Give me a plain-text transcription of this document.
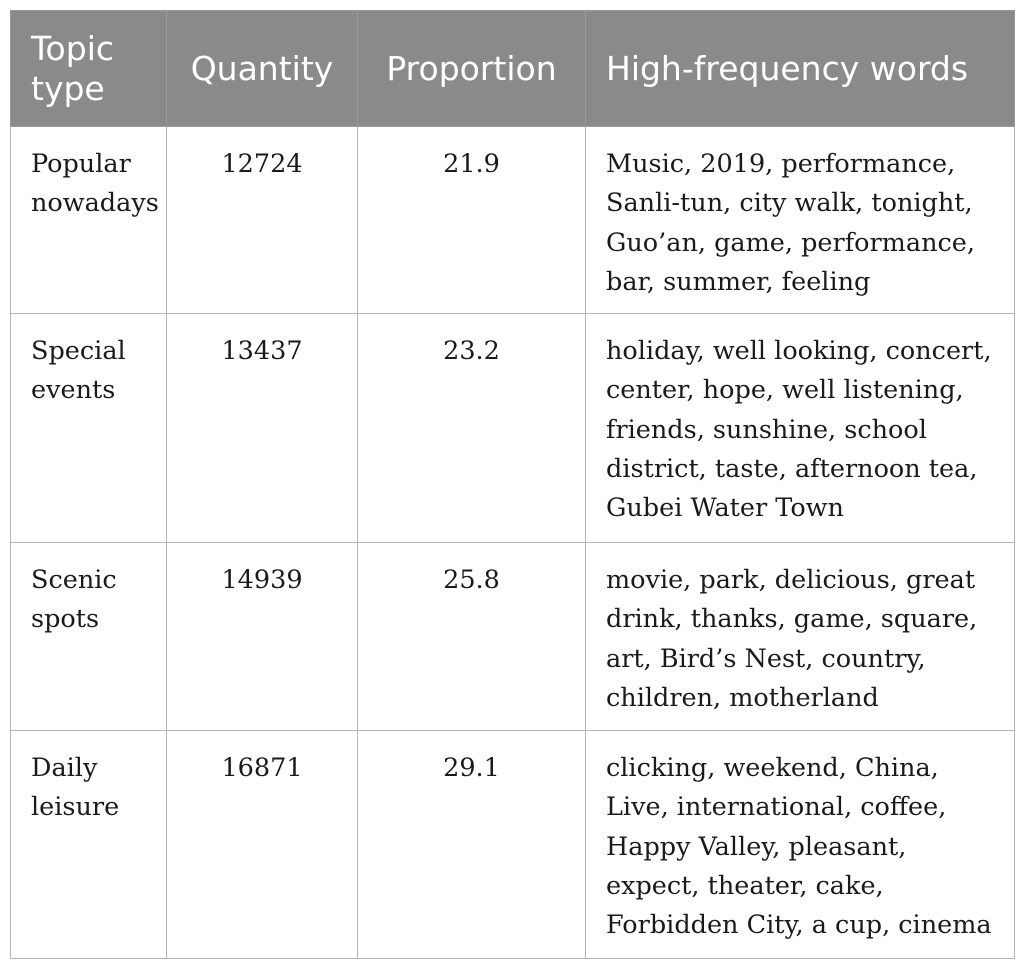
Topic type	Quantity	Proportion	High-frequency words
Popular nowadays	12724	21.9	Music, 2019, performance, Sanli-tun, city walk, tonight, Guo’an, game, performance, bar, summer, feeling
Special events	13437	23.2	holiday, well looking, concert, center, hope, well listening, friends, sunshine, school district, taste, afternoon tea, Gubei Water Town
Scenic spots	14939	25.8	movie, park, delicious, great drink, thanks, game, square, art, Bird’s Nest, country, children, motherland
Daily leisure	16871	29.1	clicking, weekend, China, Live, international, coffee, Happy Valley, pleasant, expect, theater, cake, Forbidden City, a cup, cinema
